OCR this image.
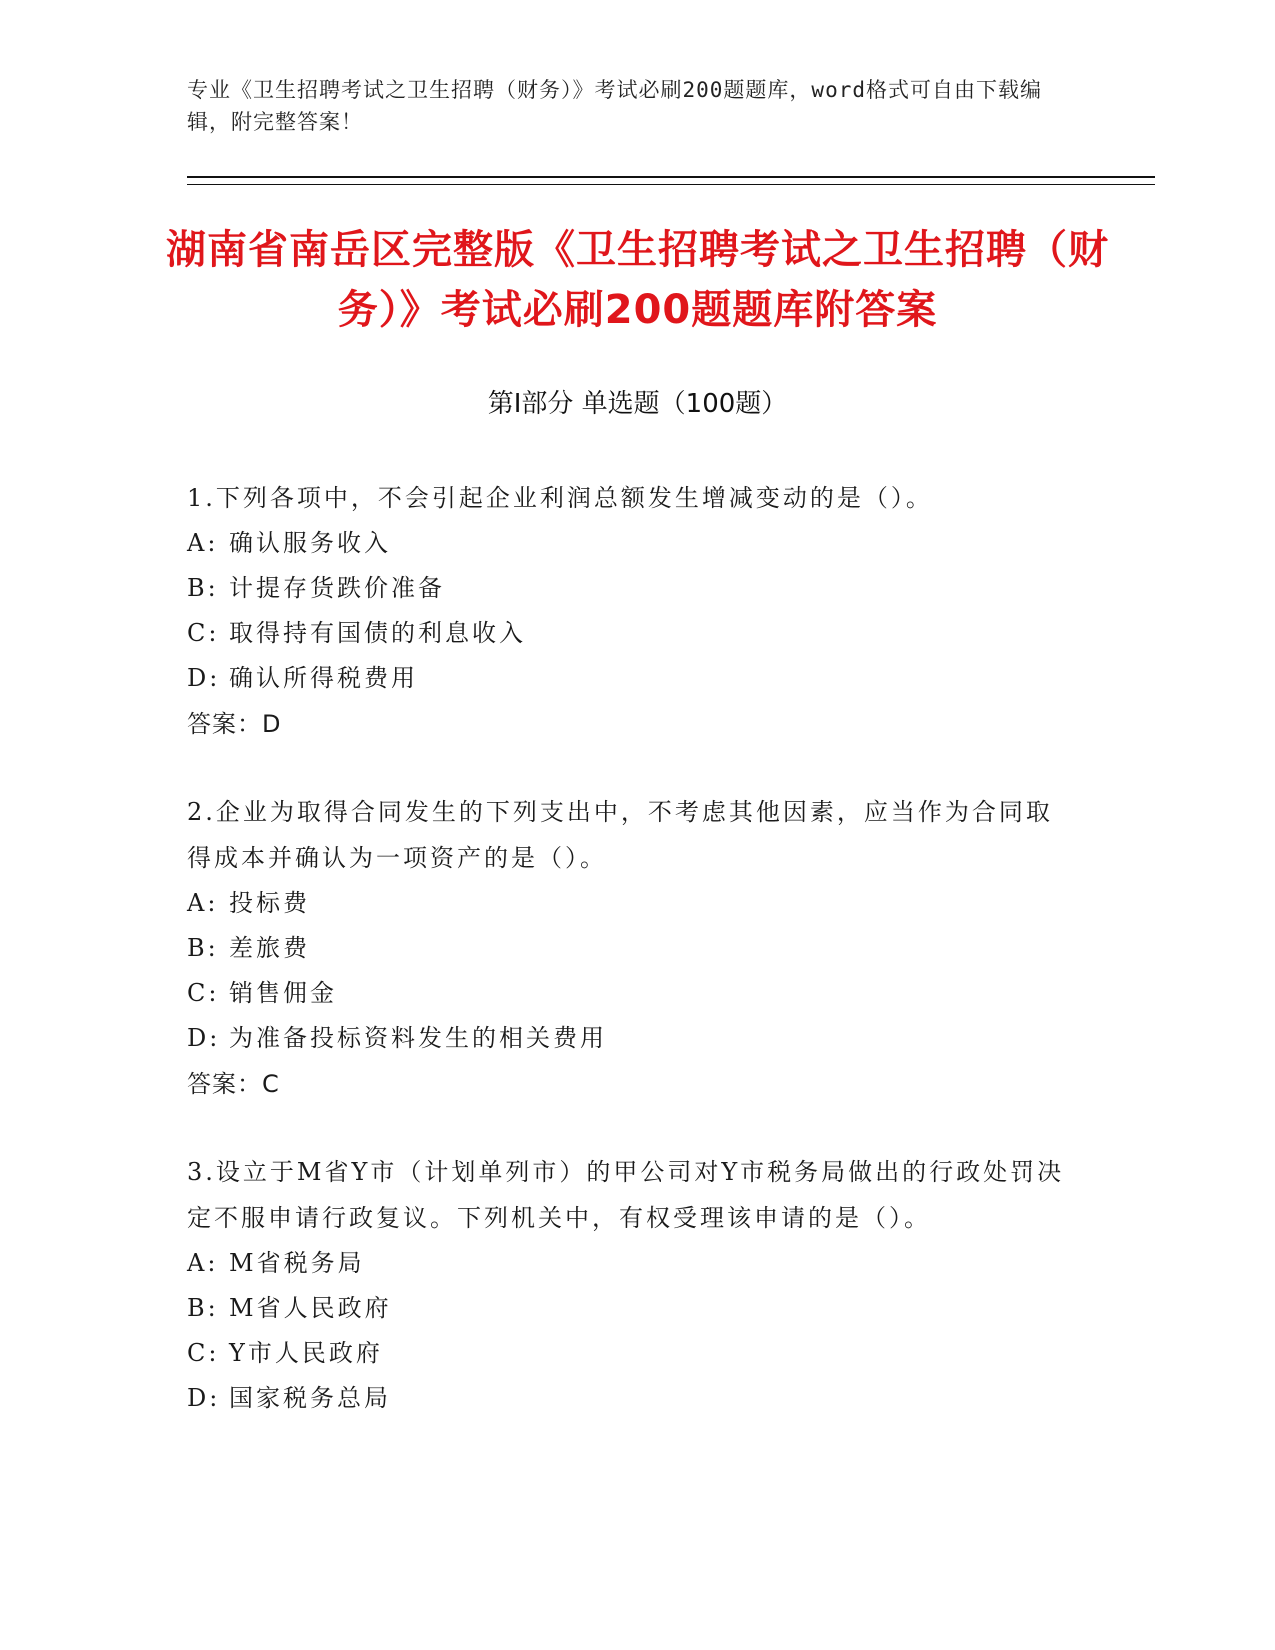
专业《卫生招聘考试之卫生招聘（财务）》考试必刷200题题库，word格式可自由下载编辑，附完整答案！
湖南省南岳区完整版《卫生招聘考试之卫生招聘（财务）》考试必刷200题题库附答案
第Ⅰ部分 单选题（100题）
1.下列各项中，不会引起企业利润总额发生增减变动的是（）。
A: 确认服务收入
B: 计提存货跌价准备
C: 取得持有国债的利息收入
D: 确认所得税费用
答案：D
2.企业为取得合同发生的下列支出中，不考虑其他因素，应当作为合同取得成本并确认为一项资产的是（）。
A: 投标费
B: 差旅费
C: 销售佣金
D: 为准备投标资料发生的相关费用
答案：C
3.设立于M省Y市（计划单列市）的甲公司对Y市税务局做出的行政处罚决定不服申请行政复议。下列机关中，有权受理该申请的是（）。
A: M省税务局
B: M省人民政府
C: Y市人民政府
D: 国家税务总局
